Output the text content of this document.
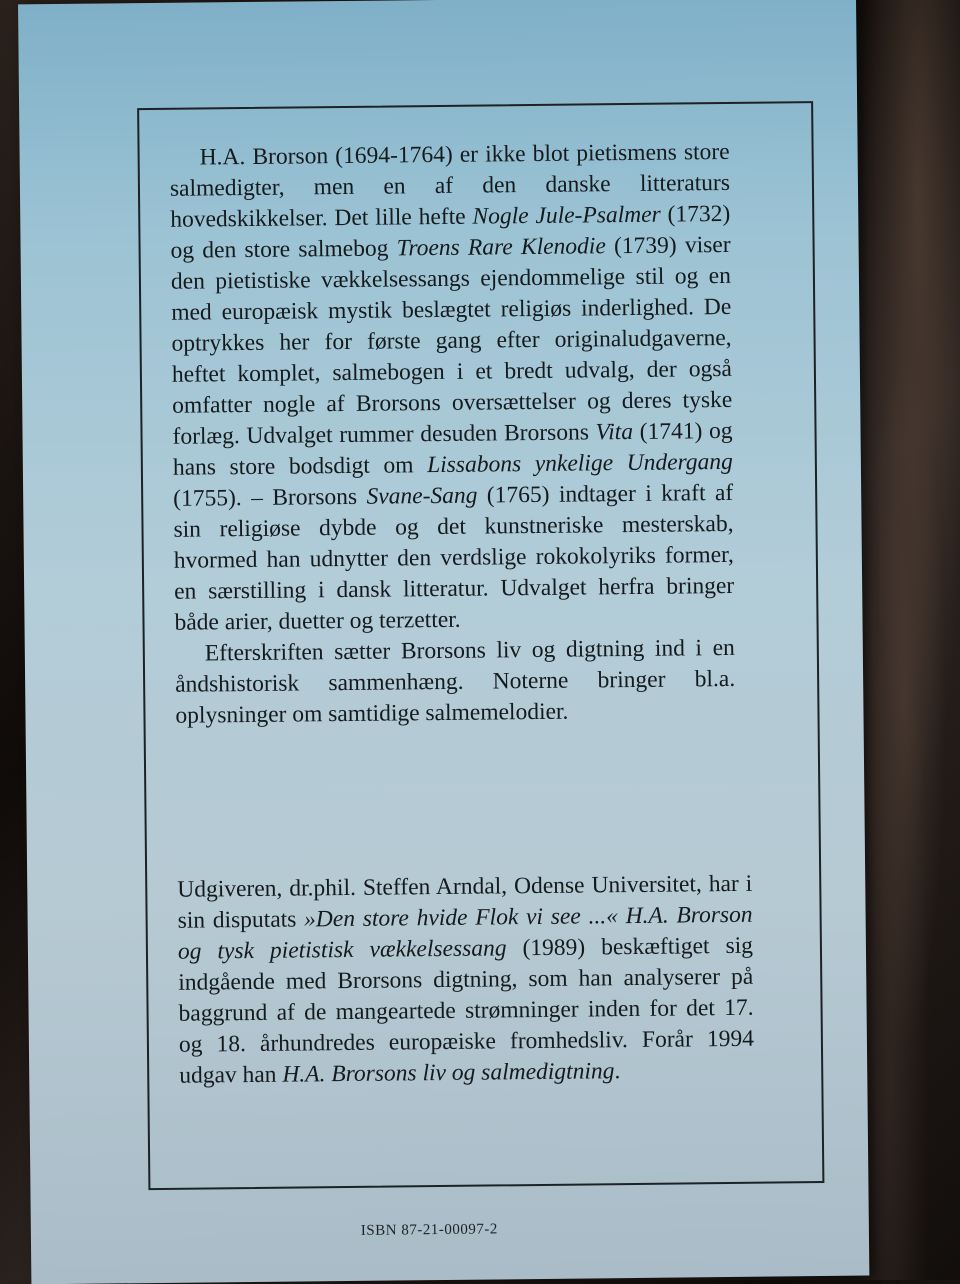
H.A. Brorson (1694-1764) er ikke blot pietismens store salmedigter, men en af den danske litteraturs hovedskikkelser. Det lille hefte Nogle Jule-Psalmer (1732) og den store salmebog Troens Rare Klenodie (1739) viser den pietistiske vækkelsessangs ejendommelige stil og en med europæisk mystik beslægtet religiøs inderlighed. De optrykkes her for første gang efter originaludgaverne, heftet komplet, salmebogen i et bredt udvalg, der også omfatter nogle af Brorsons oversættelser og deres tyske forlæg. Udvalget rummer desuden Brorsons Vita (1741) og hans store bodsdigt om Lissabons ynkelige Undergang (1755). – Brorsons Svane-Sang (1765) indtager i kraft af sin religiøse dybde og det kunstneriske mesterskab, hvormed han udnytter den verdslige rokokolyriks former, en særstilling i dansk litteratur. Udvalget herfra bringer både arier, duetter og terzetter.

Efterskriften sætter Brorsons liv og digtning ind i en åndshistorisk sammenhæng. Noterne bringer bl.a. oplysninger om samtidige salmemelodier.

Udgiveren, dr.phil. Steffen Arndal, Odense Universitet, har i sin disputats »Den store hvide Flok vi see ...« H.A. Brorson og tysk pietistisk vækkelsessang (1989) beskæftiget sig indgående med Brorsons digtning, som han analyserer på baggrund af de mangeartede strømninger inden for det 17. og 18. århundredes europæiske fromhedsliv. Forår 1994 udgav han H.A. Brorsons liv og salmedigtning.

ISBN 87-21-00097-2
